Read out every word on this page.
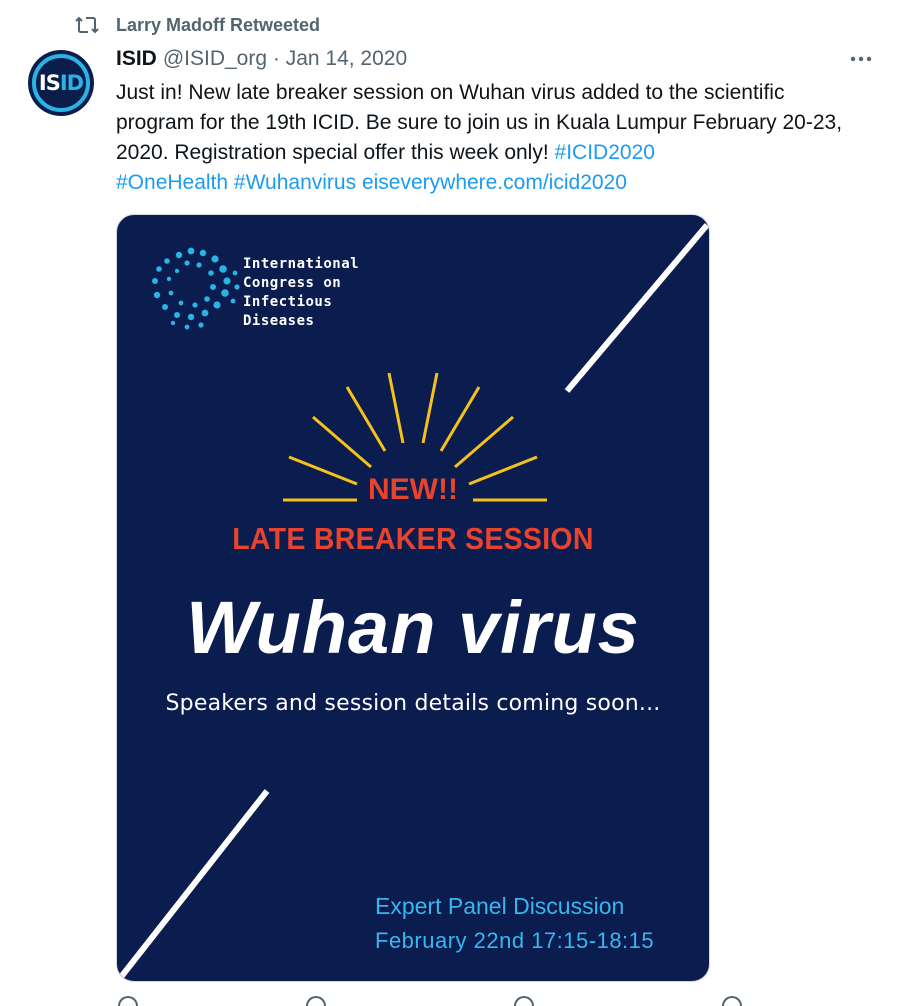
Larry Madoff Retweeted
IS ID
ISID @ISID_org · Jan 14, 2020
Just in! New late breaker session on Wuhan virus added to the scientific program for the 19th ICID. Be sure to join us in Kuala Lumpur February 20-23, 2020. Registration special offer this week only! #ICID2020
#OneHealth #Wuhanvirus eiseverywhere.com/icid2020
International
Congress on
Infectious
Diseases
NEW!!
LATE BREAKER SESSION
Wuhan virus
Speakers and session details coming soon...
Expert Panel Discussion
February 22nd 17:15-18:15
